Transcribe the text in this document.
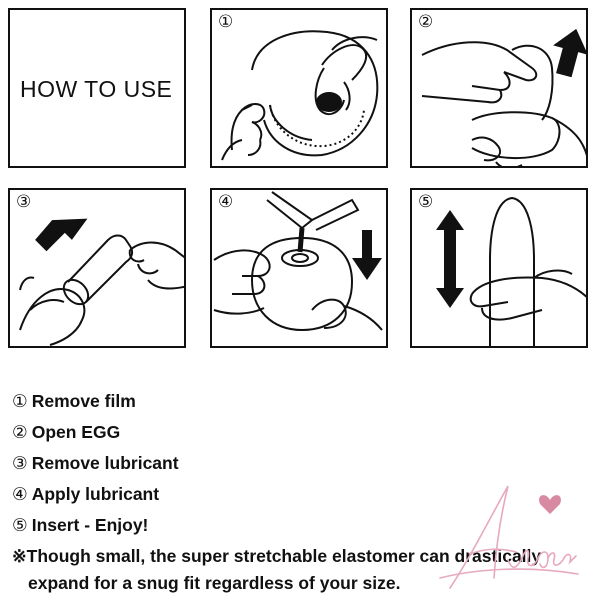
HOW TO USE
①	②
③	④	⑤
① Remove film
② Open EGG
③ Remove lubricant
④ Apply lubricant
⑤ Insert - Enjoy!
※Though small, the super stretchable elastomer can drastically
expand for a snug fit regardless of your size.
